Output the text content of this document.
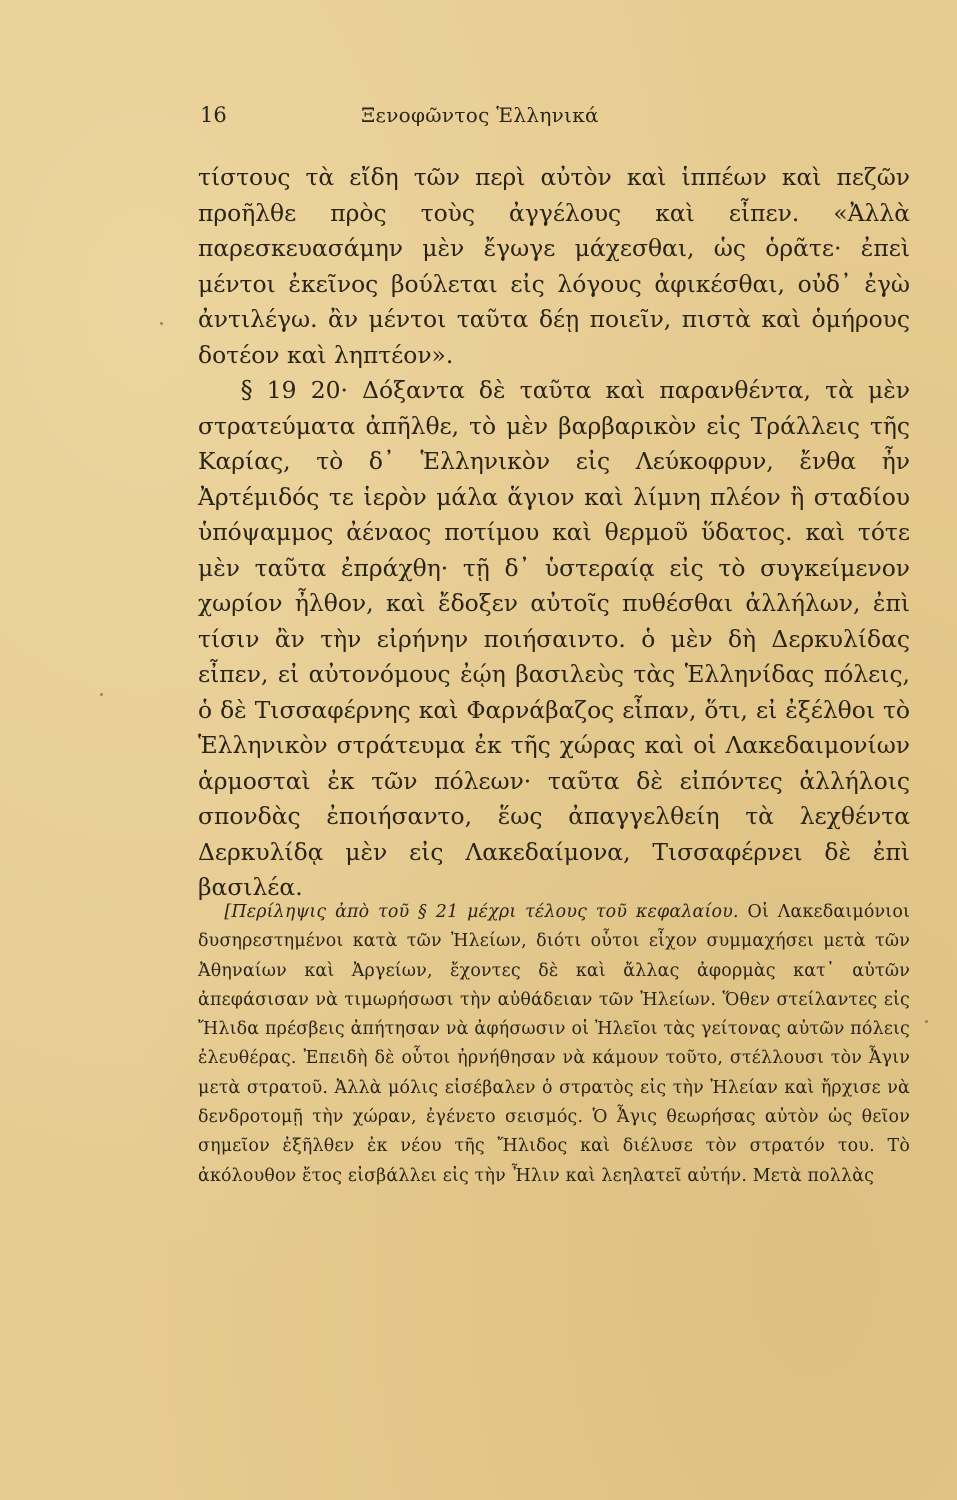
16	Ξενοφῶντος Ἑλληνικά

τίστους τὰ εἴδη τῶν περὶ αὐτὸν καὶ ἱππέων καὶ πεζῶν προῆλθε πρὸς τοὺς ἀγγέλους καὶ εἶπεν. «Ἀλλὰ παρεσκευασάμην μὲν ἔγωγε μάχεσθαι, ὡς ὁρᾶτε· ἐπεὶ μέντοι ἐκεῖνος βούλεται εἰς λόγους ἀφικέσθαι, οὐδ᾽ ἐγὼ ἀντιλέγω. ἂν μέντοι ταῦτα δέῃ ποιεῖν, πιστὰ καὶ ὁμήρους δοτέον καὶ ληπτέον».

§ 19 20· Δόξαντα δὲ ταῦτα καὶ παρανθέντα, τὰ μὲν στρατεύματα ἀπῆλθε, τὸ μὲν βαρβαρικὸν εἰς Τράλλεις τῆς Καρίας, τὸ δ᾽ Ἑλληνικὸν εἰς Λεύκοφρυν, ἔνθα ἦν Ἀρτέμιδός τε ἱερὸν μάλα ἅγιον καὶ λίμνη πλέον ἢ σταδίου ὑπόψαμμος ἀέναος ποτίμου καὶ θερμοῦ ὕδατος. καὶ τότε μὲν ταῦτα ἐπράχθη· τῇ δ᾽ ὑστεραίᾳ εἰς τὸ συγκείμενον χωρίον ἦλθον, καὶ ἔδοξεν αὐτοῖς πυθέσθαι ἀλλήλων, ἐπὶ τίσιν ἂν τὴν εἰρήνην ποιήσαιντο. ὁ μὲν δὴ Δερκυλίδας εἶπεν, εἰ αὐτονόμους ἐῴη βασιλεὺς τὰς Ἑλληνίδας πόλεις, ὁ δὲ Τισσαφέρνης καὶ Φαρνάβαζος εἶπαν, ὅτι, εἰ ἐξέλθοι τὸ Ἑλληνικὸν στράτευμα ἐκ τῆς χώρας καὶ οἱ Λακεδαιμονίων ἁρμοσταὶ ἐκ τῶν πόλεων· ταῦτα δὲ εἰπόντες ἀλλήλοις σπονδὰς ἐποιήσαντο, ἕως ἀπαγγελθείη τὰ λεχθέντα Δερκυλίδᾳ μὲν εἰς Λακεδαίμονα, Τισσαφέρνει δὲ ἐπὶ βασιλέα.

[Περίληψις ἀπὸ τοῦ § 21 μέχρι τέλους τοῦ κεφαλαίου. Οἱ Λακεδαιμόνιοι δυσηρεστημένοι κατὰ τῶν Ἠλείων, διότι οὗτοι εἶχον συμμαχήσει μετὰ τῶν Ἀθηναίων καὶ Ἀργείων, ἔχοντες δὲ καὶ ἄλλας ἀφορμὰς κατ᾽ αὐτῶν ἀπεφάσισαν νὰ τιμωρήσωσι τὴν αὐθάδειαν τῶν Ἠλείων. Ὅθεν στείλαντες εἰς Ἤλιδα πρέσβεις ἀπήτησαν νὰ ἀφήσωσιν οἱ Ἠλεῖοι τὰς γείτονας αὐτῶν πόλεις ἐλευθέρας. Ἐπειδὴ δὲ οὗτοι ἠρνήθησαν νὰ κάμουν τοῦτο, στέλλουσι τὸν Ἆγιν μετὰ στρατοῦ. Ἀλλὰ μόλις εἰσέβαλεν ὁ στρατὸς εἰς τὴν Ἠλείαν καὶ ἤρχισε νὰ δενδροτομῇ τὴν χώραν, ἐγένετο σεισμός. Ὁ Ἆγις θεωρήσας αὐτὸν ὡς θεῖον σημεῖον ἐξῆλθεν ἐκ νέου τῆς Ἤλιδος καὶ διέλυσε τὸν στρατόν του. Τὸ ἀκόλουθον ἔτος εἰσβάλλει εἰς τὴν Ἦλιν καὶ λεηλατεῖ αὐτήν. Μετὰ πολλὰς
